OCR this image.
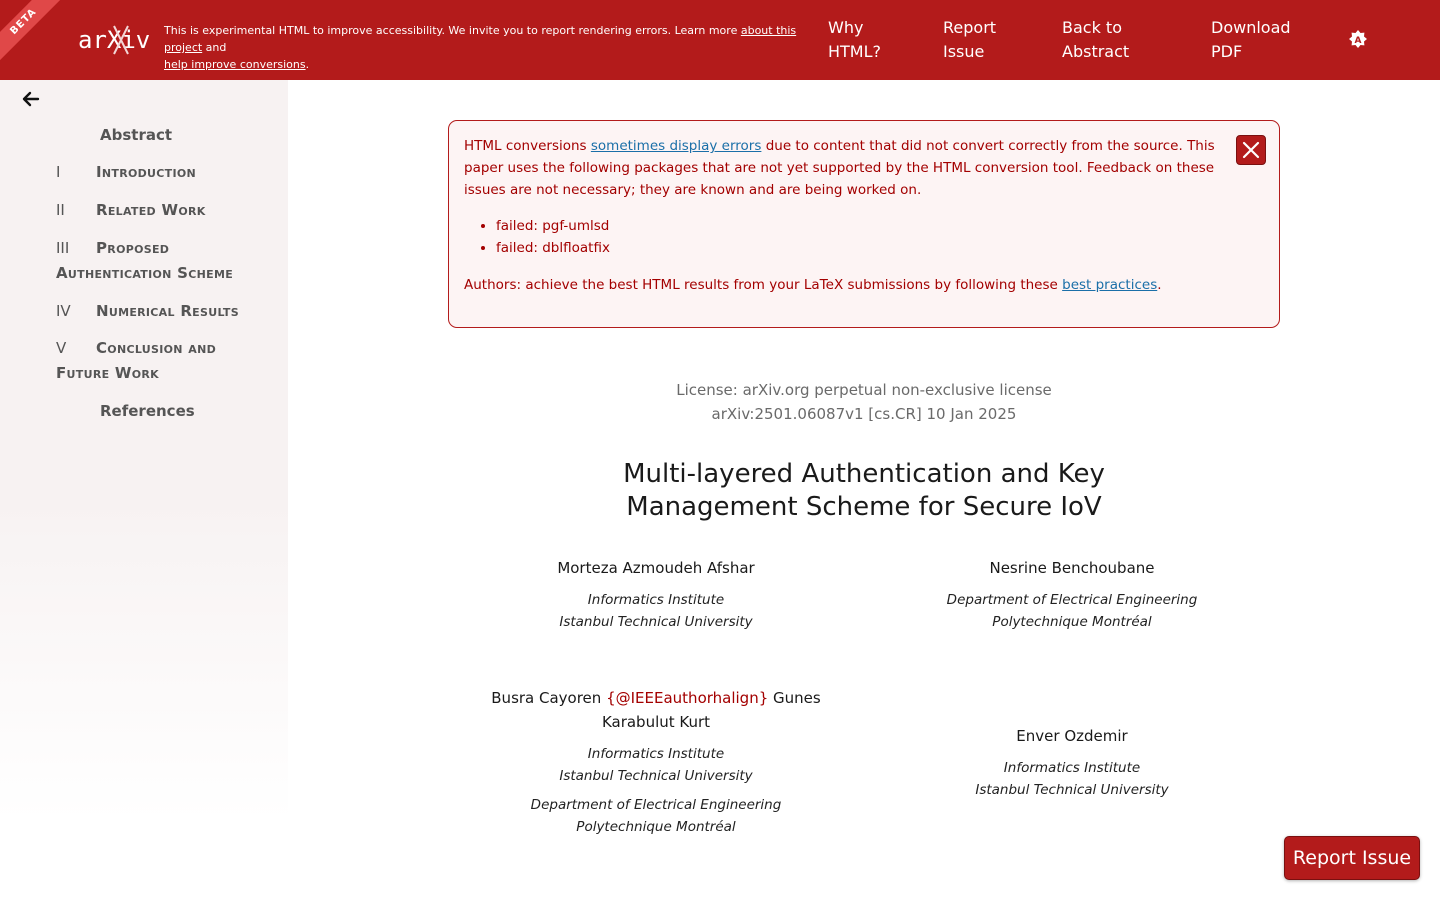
BETA
arXiv This is experimental HTML to improve accessibility. We invite you to report rendering errors. Learn more about this project and
help improve conversions.
Why HTML?
Report Issue
Back to Abstract
Download PDF
A
Abstract
I Introduction
II Related Work
III Proposed
Authentication Scheme
IV Numerical Results
V Conclusion and
Future Work
References

HTML conversions sometimes display errors due to content that did not convert correctly from the source. This paper uses the following packages that are not yet supported by the HTML conversion tool. Feedback on these issues are not necessary; they are known and are being worked on.

• failed: pgf-umlsd
• failed: dblfloatfix

Authors: achieve the best HTML results from your LaTeX submissions by following these best practices.

License: arXiv.org perpetual non-exclusive license
arXiv:2501.06087v1 [cs.CR] 10 Jan 2025
Multi-layered Authentication and Key Management Scheme for Secure IoV
Morteza Azmoudeh Afshar
Informatics Institute
Istanbul Technical University
Nesrine Benchoubane
Department of Electrical Engineering
Polytechnique Montréal
Busra Cayoren {@IEEEauthorhalign} Gunes Karabulut Kurt
Informatics Institute
Istanbul Technical University
Department of Electrical Engineering
Polytechnique Montréal
Enver Ozdemir
Informatics Institute
Istanbul Technical University
Report Issue
